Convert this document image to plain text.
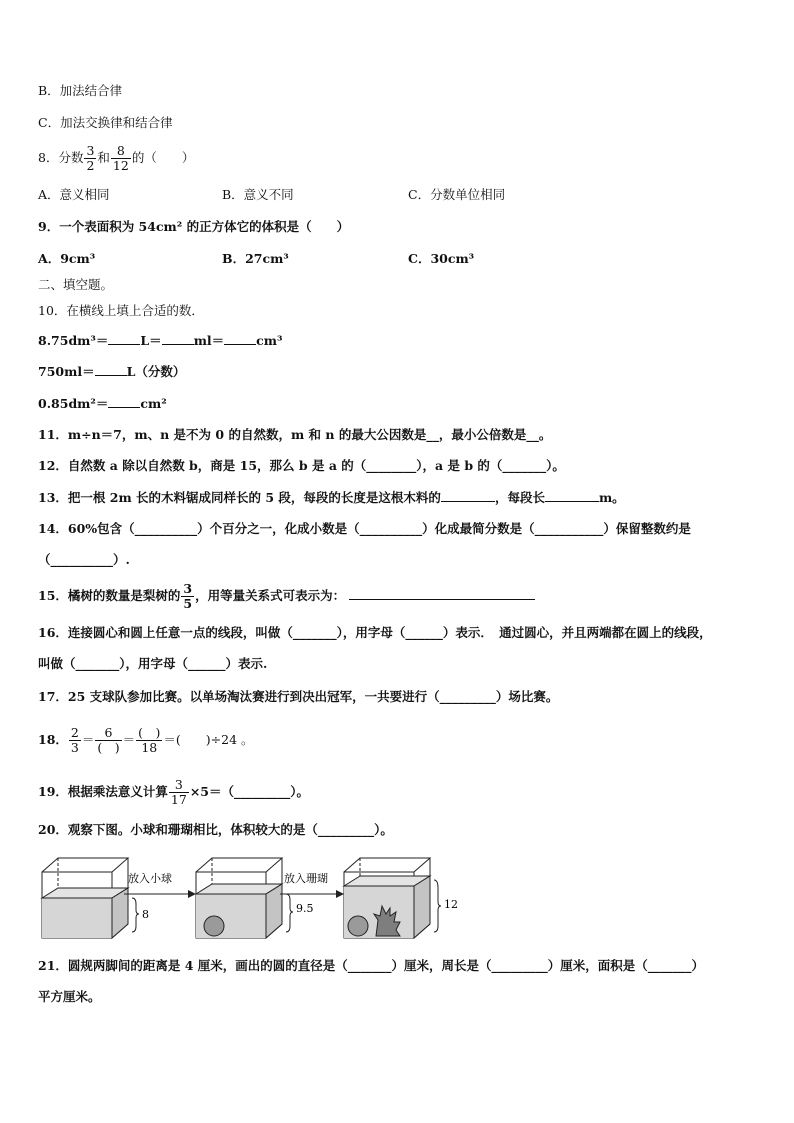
B．加法结合律
C．加法交换律和结合律
8．分数 $\frac{3}{2}$ 和 $\frac{8}{12}$ 的（　　）
A．意义相同	B．意义不同	C．分数单位相同
9．一个表面积为 54cm² 的正方体它的体积是（　　）
A．9cm³	B．27cm³	C．30cm³
二、填空题。
10．在横线上填上合适的数．
8.75dm³＝	L＝	ml＝	cm³
750ml＝	L（分数）
0.85dm²＝	cm²
11．m÷n＝7，m、n 是不为 0 的自然数，m 和 n 的最大公因数是__，最小公倍数是__。
12．自然数 a 除以自然数 b，商是 15，那么 b 是 a 的（________），a 是 b 的（_______）。
13．把一根 2m 长的木料锯成同样长的 5 段，每段的长度是这根木料的	，每段长	m。
14．60%包含（__________）个百分之一，化成小数是（__________）化成最简分数是（___________）保留整数约是
（__________）.
15．橘树的数量是梨树的 $\frac{3}{5}$ ，用等量关系式可表示为：
16．连接圆心和圆上任意一点的线段，叫做（_______），用字母（______）表示．　通过圆心，并且两端都在圆上的线段，
叫做（_______），用字母（______）表示.
17．25 支球队参加比赛。以单场淘汰赛进行到决出冠军，一共要进行（_________）场比赛。
18． $\frac{2}{3} = \frac{6}{( )} = \frac{( )}{18}$ ＝(　　)÷24 。
19．根据乘法意义计算 $\frac{3}{17}$ ×5＝（_________）。
20．观察下图。小球和珊瑚相比，体积较大的是（_________）。
8
放入小球
9.5
放入珊瑚
12
21．圆规两脚间的距离是 4 厘米，画出的圆的直径是（_______）厘米，周长是（_________）厘米，面积是（_______）
平方厘米。
